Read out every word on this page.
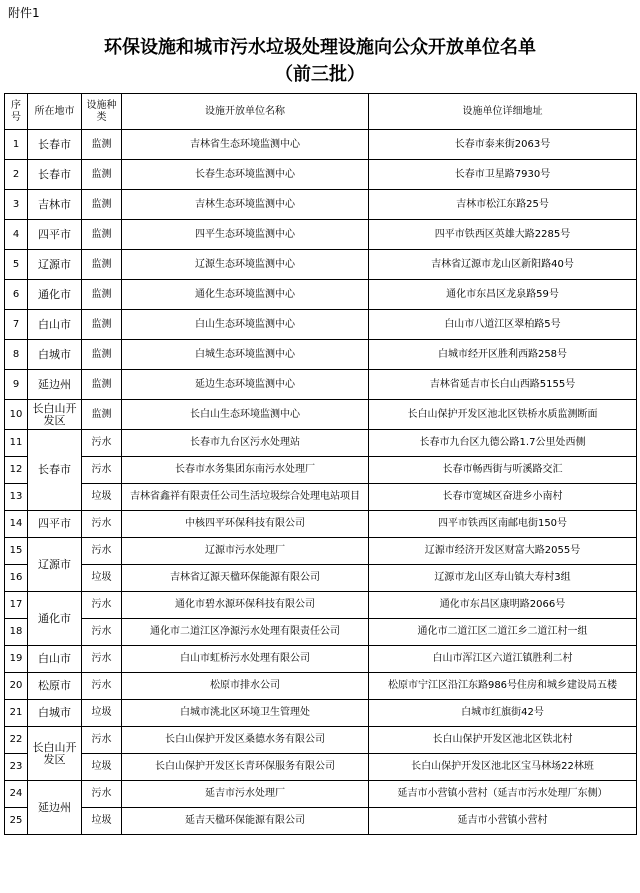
附件1
环保设施和城市污水垃圾处理设施向公众开放单位名单
（前三批）
序号	所在地市	设施种类	设施开放单位名称	设施单位详细地址
1	长春市	监测	吉林省生态环境监测中心	长春市泰来街2063号
2	长春市	监测	长春生态环境监测中心	长春市卫星路7930号
3	吉林市	监测	吉林生态环境监测中心	吉林市松江东路25号
4	四平市	监测	四平生态环境监测中心	四平市铁西区英雄大路2285号
5	辽源市	监测	辽源生态环境监测中心	吉林省辽源市龙山区新阳路40号
6	通化市	监测	通化生态环境监测中心	通化市东昌区龙泉路59号
7	白山市	监测	白山生态环境监测中心	白山市八道江区翠柏路5号
8	白城市	监测	白城生态环境监测中心	白城市经开区胜利西路258号
9	延边州	监测	延边生态环境监测中心	吉林省延吉市长白山西路5155号
10	长白山开发区	监测	长白山生态环境监测中心	长白山保护开发区池北区铁桥水质监测断面
11	长春市	污水	长春市九台区污水处理站	长春市九台区九德公路1.7公里处西侧
12		污水	长春市水务集团东南污水处理厂	长春市畅西街与听溪路交汇
13		垃圾	吉林省鑫祥有限责任公司生活垃圾综合处理电站项目	长春市宽城区奋进乡小南村
14	四平市	污水	中核四平环保科技有限公司	四平市铁西区南邮电街150号
15	辽源市	污水	辽源市污水处理厂	辽源市经济开发区财富大路2055号
16		垃圾	吉林省辽源天楹环保能源有限公司	辽源市龙山区寿山镇大寿村3组
17	通化市	污水	通化市碧水源环保科技有限公司	通化市东昌区康明路2066号
18		污水	通化市二道江区净源污水处理有限责任公司	通化市二道江区二道江乡二道江村一组
19	白山市	污水	白山市虹桥污水处理有限公司	白山市浑江区六道江镇胜利二村
20	松原市	污水	松原市排水公司	松原市宁江区沿江东路986号住房和城乡建设局五楼
21	白城市	垃圾	白城市洮北区环境卫生管理处	白城市红旗街42号
22	长白山开发区	污水	长白山保护开发区桑德水务有限公司	长白山保护开发区池北区铁北村
23		垃圾	长白山保护开发区长青环保服务有限公司	长白山保护开发区池北区宝马林场22林班
24	延边州	污水	延吉市污水处理厂	延吉市小营镇小营村（延吉市污水处理厂东侧）
25		垃圾	延吉天楹环保能源有限公司	延吉市小营镇小营村
